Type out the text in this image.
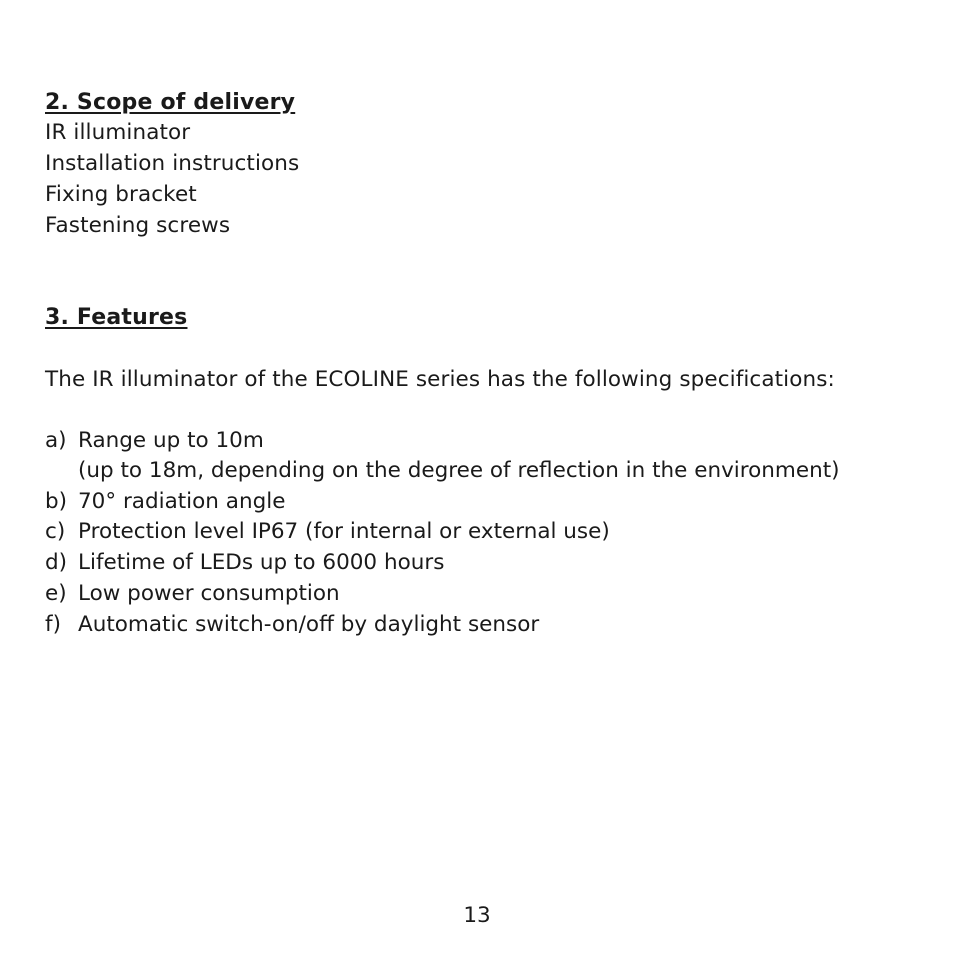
2. Scope of delivery
IR illuminator
Installation instructions
Fixing bracket
Fastening screws
3. Features
The IR illuminator of the ECOLINE series has the following specifications:
a) Range up to 10m
(up to 18m, depending on the degree of reflection in the environment)
b) 70° radiation angle
c) Protection level IP67 (for internal or external use)
d) Lifetime of LEDs up to 6000 hours
e) Low power consumption
f) Automatic switch-on/off by daylight sensor
13
